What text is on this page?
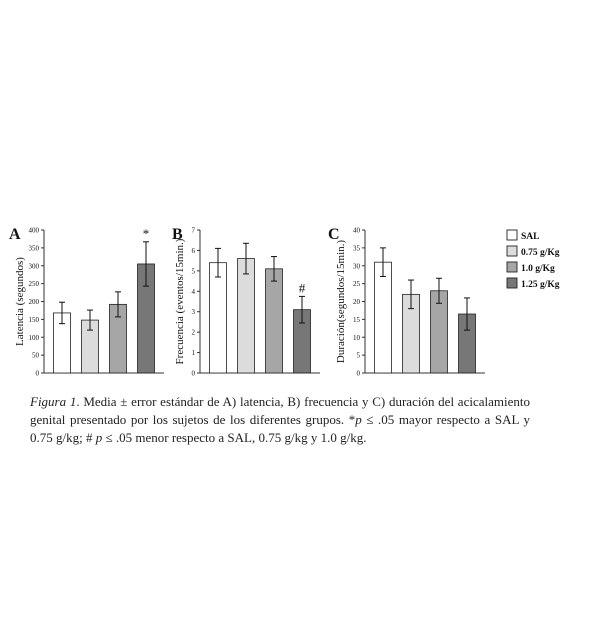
A
Latencia (segundos)
0
50
100
150
200
250
300
350
400	* B
Frecuencia (eventos/15min.)
0
1
2
3
4
5
6
7
#
C
Duración(segundos/15min.)
0
5
10
15
20
25
30
35
40
SAL
0.75 g/Kg
1.0 g/Kg
1.25 g/Kg
Figura 1. Media ± error estándar de A) latencia, B) frecuencia y C) duración del acicalamiento genital presentado por los sujetos de los diferentes grupos. *p ≤ .05 mayor respecto a SAL y 0.75 g/kg; # p ≤ .05 menor respecto a SAL, 0.75 g/kg y 1.0 g/kg.
